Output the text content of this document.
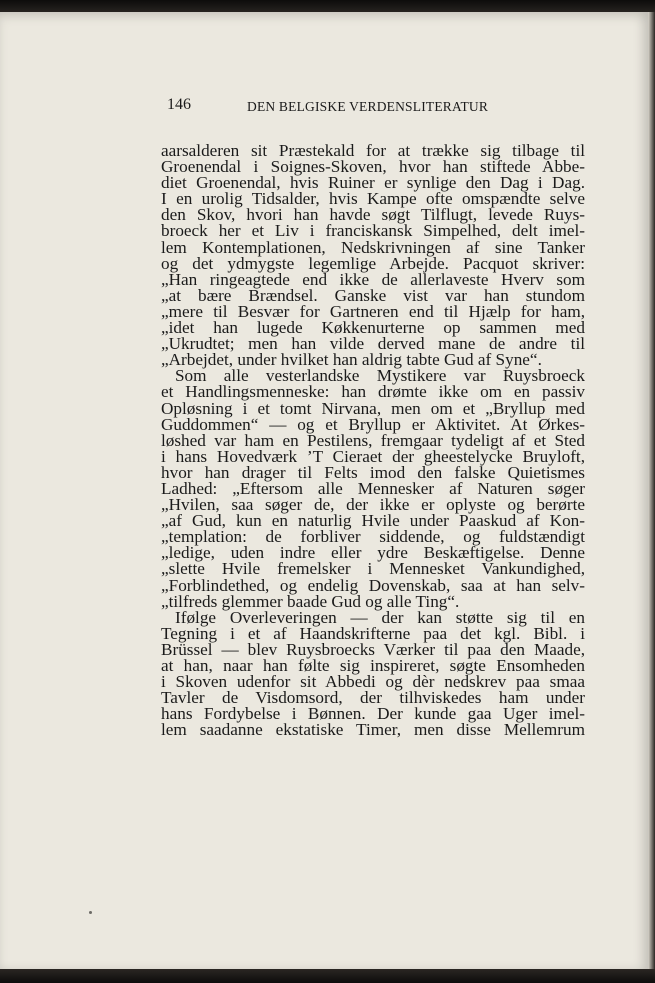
146	DEN BELGISKE VERDENSLITERATUR
aarsalderen sit Præstekald for at trække sig tilbage til
Groenendal i Soignes-Skoven, hvor han stiftede Abbe-
diet Groenendal, hvis Ruiner er synlige den Dag i Dag.
I en urolig Tidsalder, hvis Kampe ofte omspændte selve
den Skov, hvori han havde søgt Tilflugt, levede Ruys-
broeck her et Liv i franciskansk Simpelhed, delt imel-
lem Kontemplationen, Nedskrivningen af sine Tanker
og det ydmygste legemlige Arbejde. Pacquot skriver:
„Han ringeagtede end ikke de allerlaveste Hverv som
„at bære Brændsel. Ganske vist var han stundom
„mere til Besvær for Gartneren end til Hjælp for ham,
„idet han lugede Køkkenurterne op sammen med
„Ukrudtet; men han vilde derved mane de andre til
„Arbejdet, under hvilket han aldrig tabte Gud af Syne“.
Som alle vesterlandske Mystikere var Ruysbroeck
et Handlingsmenneske: han drømte ikke om en passiv
Opløsning i et tomt Nirvana, men om et „Bryllup med
Guddommen“ — og et Bryllup er Aktivitet. At Ørkes-
løshed var ham en Pestilens, fremgaar tydeligt af et Sted
i hans Hovedværk ’T Cieraet der gheestelycke Bruyloft,
hvor han drager til Felts imod den falske Quietismes
Ladhed: „Eftersom alle Mennesker af Naturen søger
„Hvilen, saa søger de, der ikke er oplyste og berørte
„af Gud, kun en naturlig Hvile under Paaskud af Kon-
„templation: de forbliver siddende, og fuldstændigt
„ledige, uden indre eller ydre Beskæftigelse. Denne
„slette Hvile fremelsker i Mennesket Vankundighed,
„Forblindethed, og endelig Dovenskab, saa at han selv-
„tilfreds glemmer baade Gud og alle Ting“.
Ifølge Overleveringen — der kan støtte sig til en
Tegning i et af Haandskrifterne paa det kgl. Bibl. i
Brüssel — blev Ruysbroecks Værker til paa den Maade,
at han, naar han følte sig inspireret, søgte Ensomheden
i Skoven udenfor sit Abbedi og dèr nedskrev paa smaa
Tavler de Visdomsord, der tilhviskedes ham under
hans Fordybelse i Bønnen. Der kunde gaa Uger imel-
lem saadanne ekstatiske Timer, men disse Mellemrum
